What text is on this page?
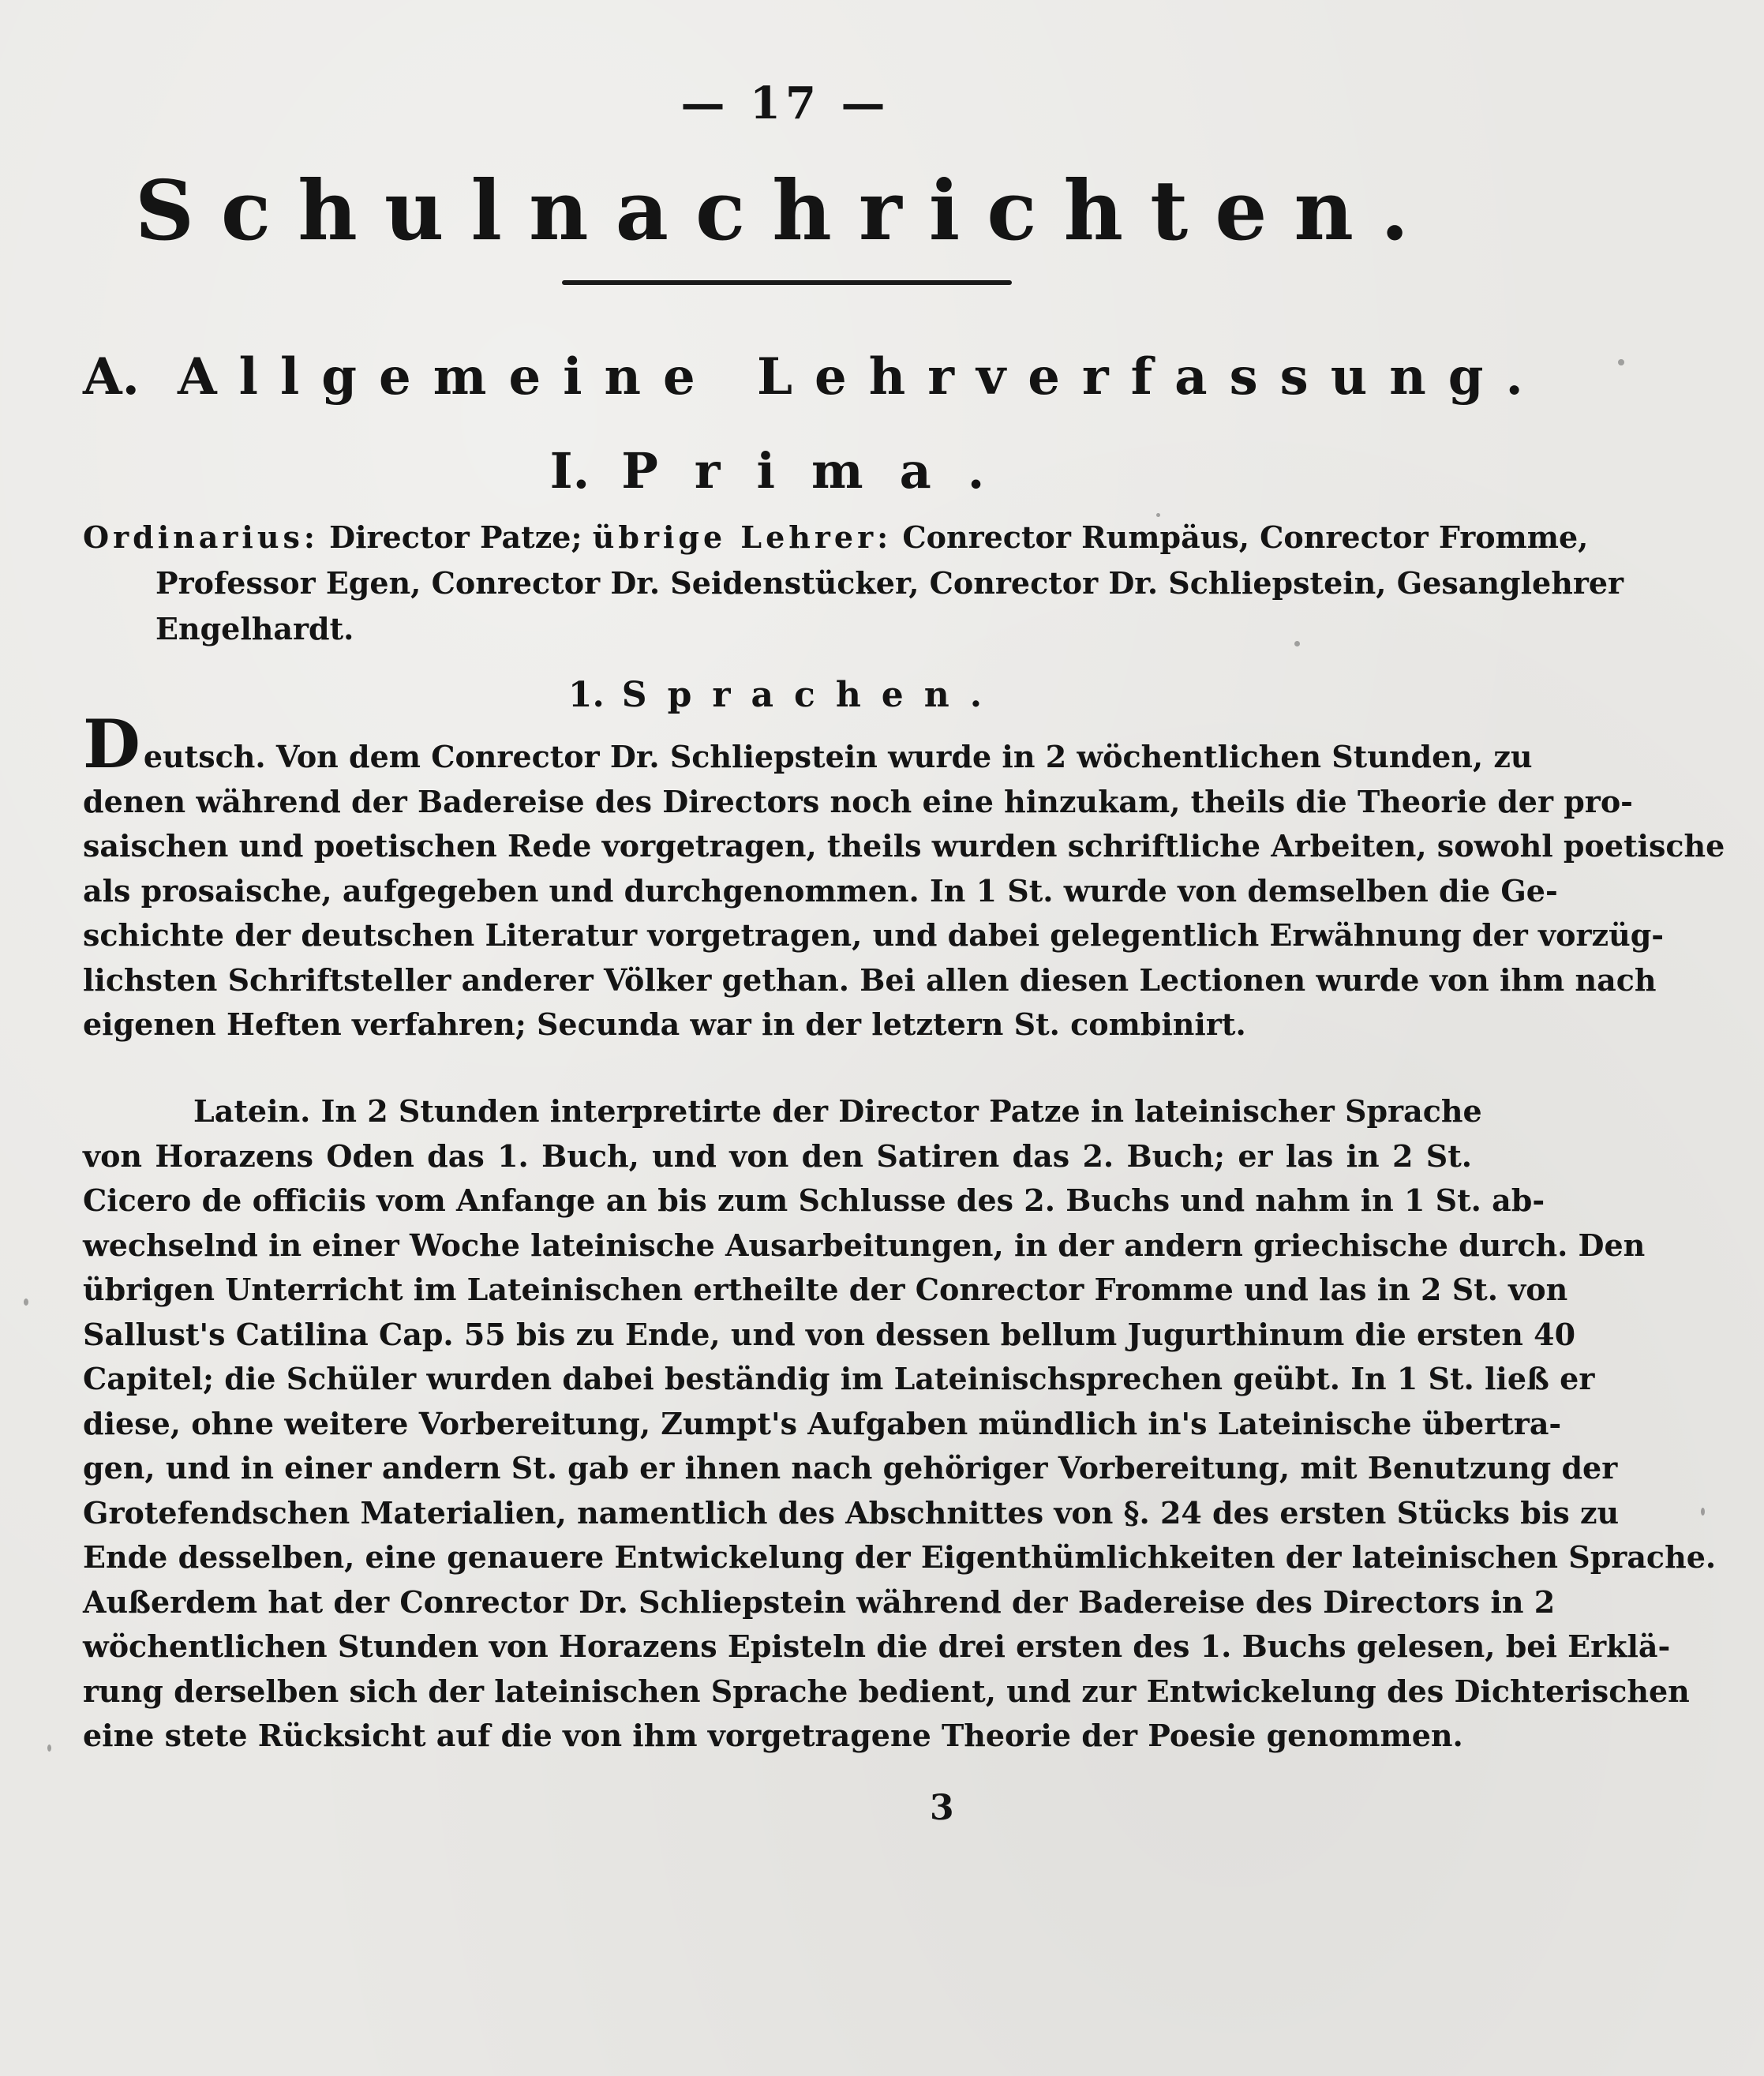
— 17 —
Schulnachrichten.
A. Allgemeine Lehrverfassung.
I. Prima.
Ordinarius: Director Patze; übrige Lehrer: Conrector Rumpäus, Conrector Fromme,
Professor Egen, Conrector Dr. Seidenstücker, Conrector Dr. Schliepstein, Gesanglehrer
Engelhardt.
1. Sprachen.
Deutsch. Von dem Conrector Dr. Schliepstein wurde in 2 wöchentlichen Stunden, zu
denen während der Badereise des Directors noch eine hinzukam, theils die Theorie der pro-
saischen und poetischen Rede vorgetragen, theils wurden schriftliche Arbeiten, sowohl poetische
als prosaische, aufgegeben und durchgenommen. In 1 St. wurde von demselben die Ge-
schichte der deutschen Literatur vorgetragen, und dabei gelegentlich Erwähnung der vorzüg-
lichsten Schriftsteller anderer Völker gethan. Bei allen diesen Lectionen wurde von ihm nach
eigenen Heften verfahren; Secunda war in der letztern St. combinirt.
Latein. In 2 Stunden interpretirte der Director Patze in lateinischer Sprache
von Horazens Oden das 1. Buch, und von den Satiren das 2. Buch; er las in 2 St.
Cicero de officiis vom Anfange an bis zum Schlusse des 2. Buchs und nahm in 1 St. ab-
wechselnd in einer Woche lateinische Ausarbeitungen, in der andern griechische durch. Den
übrigen Unterricht im Lateinischen ertheilte der Conrector Fromme und las in 2 St. von
Sallust's Catilina Cap. 55 bis zu Ende, und von dessen bellum Jugurthinum die ersten 40
Capitel; die Schüler wurden dabei beständig im Lateinischsprechen geübt. In 1 St. ließ er
diese, ohne weitere Vorbereitung, Zumpt's Aufgaben mündlich in's Lateinische übertra-
gen, und in einer andern St. gab er ihnen nach gehöriger Vorbereitung, mit Benutzung der
Grotefendschen Materialien, namentlich des Abschnittes von §. 24 des ersten Stücks bis zu
Ende desselben, eine genauere Entwickelung der Eigenthümlichkeiten der lateinischen Sprache.
Außerdem hat der Conrector Dr. Schliepstein während der Badereise des Directors in 2
wöchentlichen Stunden von Horazens Episteln die drei ersten des 1. Buchs gelesen, bei Erklä-
rung derselben sich der lateinischen Sprache bedient, und zur Entwickelung des Dichterischen
eine stete Rücksicht auf die von ihm vorgetragene Theorie der Poesie genommen.
3
